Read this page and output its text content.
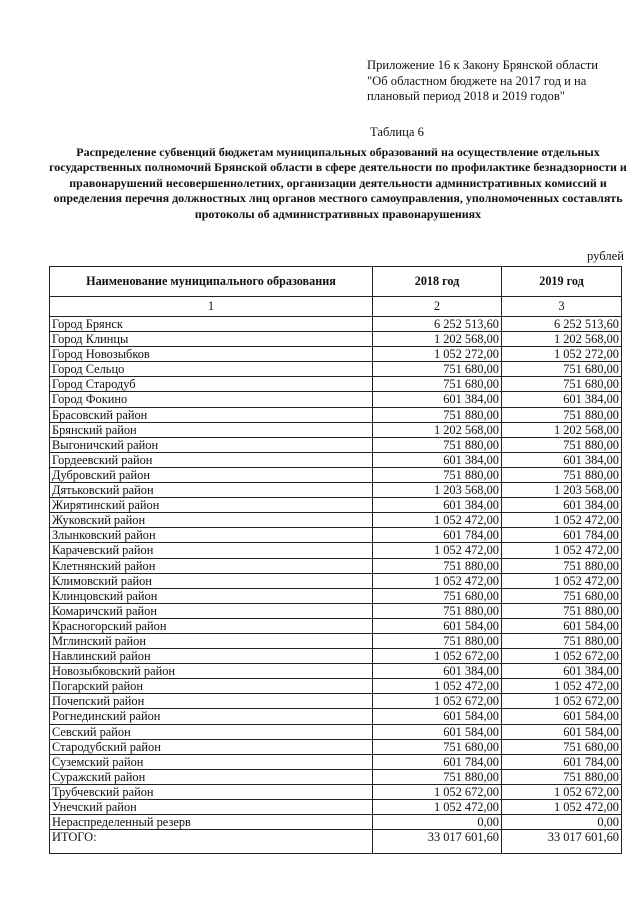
Приложение 16 к Закону Брянской области
"Об областном бюджете на 2017 год и на
плановый период 2018 и 2019 годов"
Таблица 6
Распределение субвенций бюджетам муниципальных образований на осуществление отдельных государственных полномочий Брянской области в сфере деятельности по профилактике безнадзорности и правонарушений несовершеннолетних, организации деятельности административных комиссий и определения перечня должностных лиц органов местного самоуправления, уполномоченных составлять протоколы об административных правонарушениях
рублей
Наименование муниципального образования	2018 год	2019 год
1	2	3
Город Брянск	6 252 513,60	6 252 513,60
Город Клинцы	1 202 568,00	1 202 568,00
Город Новозыбков	1 052 272,00	1 052 272,00
Город Сельцо	751 680,00	751 680,00
Город Стародуб	751 680,00	751 680,00
Город Фокино	601 384,00	601 384,00
Брасовский район	751 880,00	751 880,00
Брянский район	1 202 568,00	1 202 568,00
Выгоничский район	751 880,00	751 880,00
Гордеевский район	601 384,00	601 384,00
Дубровский район	751 880,00	751 880,00
Дятьковский район	1 203 568,00	1 203 568,00
Жирятинский район	601 384,00	601 384,00
Жуковский район	1 052 472,00	1 052 472,00
Злынковский район	601 784,00	601 784,00
Карачевский район	1 052 472,00	1 052 472,00
Клетнянский район	751 880,00	751 880,00
Климовский район	1 052 472,00	1 052 472,00
Клинцовский район	751 680,00	751 680,00
Комаричский район	751 880,00	751 880,00
Красногорский район	601 584,00	601 584,00
Мглинский район	751 880,00	751 880,00
Навлинский район	1 052 672,00	1 052 672,00
Новозыбковский район	601 384,00	601 384,00
Погарский район	1 052 472,00	1 052 472,00
Почепский район	1 052 672,00	1 052 672,00
Рогнединский район	601 584,00	601 584,00
Севский район	601 584,00	601 584,00
Стародубский район	751 680,00	751 680,00
Суземский район	601 784,00	601 784,00
Суражский район	751 880,00	751 880,00
Трубчевский район	1 052 672,00	1 052 672,00
Унечский район	1 052 472,00	1 052 472,00
Нераспределенный резерв	0,00	0,00
ИТОГО:	33 017 601,60	33 017 601,60
